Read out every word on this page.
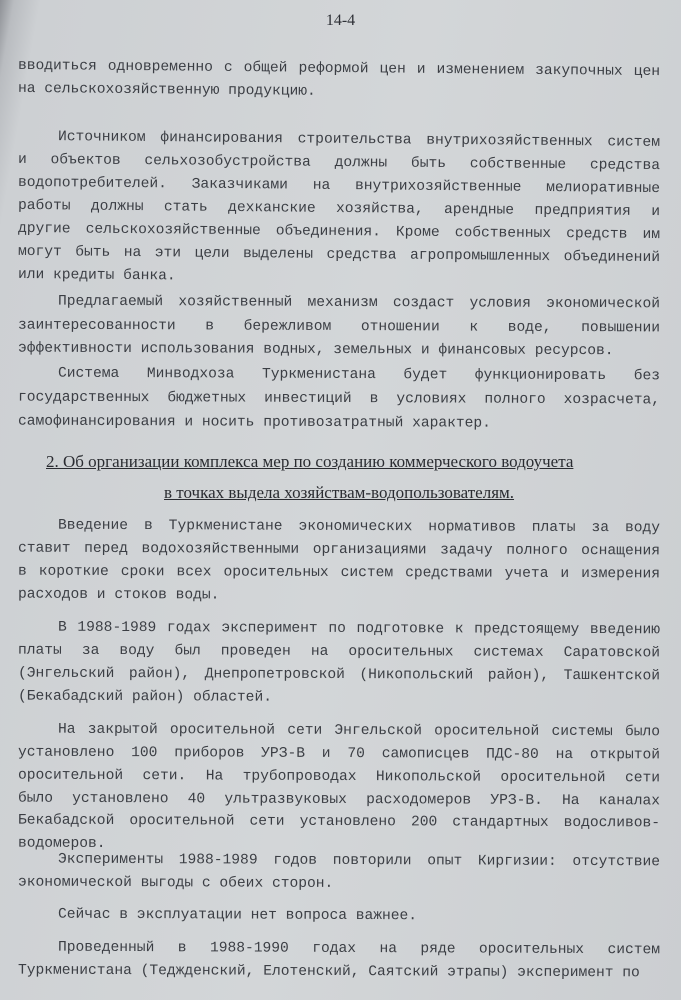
14-4
2. Об организации комплекса мер по созданию коммерческого водоучета
в точках выдела хозяйствам-водопользователям.
вводиться одновременно с общей реформой цен и изменением закупочных цен
на сельскохозяйственную продукцию.
Источником финансирования строительства внутрихозяйственных систем
и объектов сельхозобустройства должны быть собственные средства
водопотребителей. Заказчиками на внутрихозяйственные мелиоративные
работы должны стать дехканские хозяйства, арендные предприятия и
другие сельскохозяйственные объединения. Кроме собственных средств им
могут быть на эти цели выделены средства агропромышленных объединений
или кредиты банка.
Предлагаемый хозяйственный механизм создаст условия экономической
заинтересованности в бережливом отношении к воде, повышении
эффективности использования водных, земельных и финансовых ресурсов.
Система Минводхоза Туркменистана будет функционировать без
государственных бюджетных инвестиций в условиях полного хозрасчета,
самофинансирования и носить противозатратный характер.
Введение в Туркменистане экономических нормативов платы за воду
ставит перед водохозяйственными организациями задачу полного оснащения
в короткие сроки всех оросительных систем средствами учета и измерения
расходов и стоков воды.
В 1988-1989 годах эксперимент по подготовке к предстоящему введению
платы за воду был проведен на оросительных системах Саратовской
(Энгельский район), Днепропетровской (Никопольский район), Ташкентской
(Бекабадский район) областей.
На закрытой оросительной сети Энгельской оросительной системы было
установлено 100 приборов УРЗ-В и 70 самописцев ПДС-80 на открытой
оросительной сети. На трубопроводах Никопольской оросительной сети
было установлено 40 ультразвуковых расходомеров УРЗ-В. На каналах
Бекабадской оросительной сети установлено 200 стандартных водосливов-
водомеров.
Эксперименты 1988-1989 годов повторили опыт Киргизии: отсутствие
экономической выгоды с обеих сторон.
Сейчас в эксплуатации нет вопроса важнее.
Проведенный в 1988-1990 годах на ряде оросительных систем
Туркменистана (Теджденский, Елотенский, Саятский этрапы) эксперимент по
